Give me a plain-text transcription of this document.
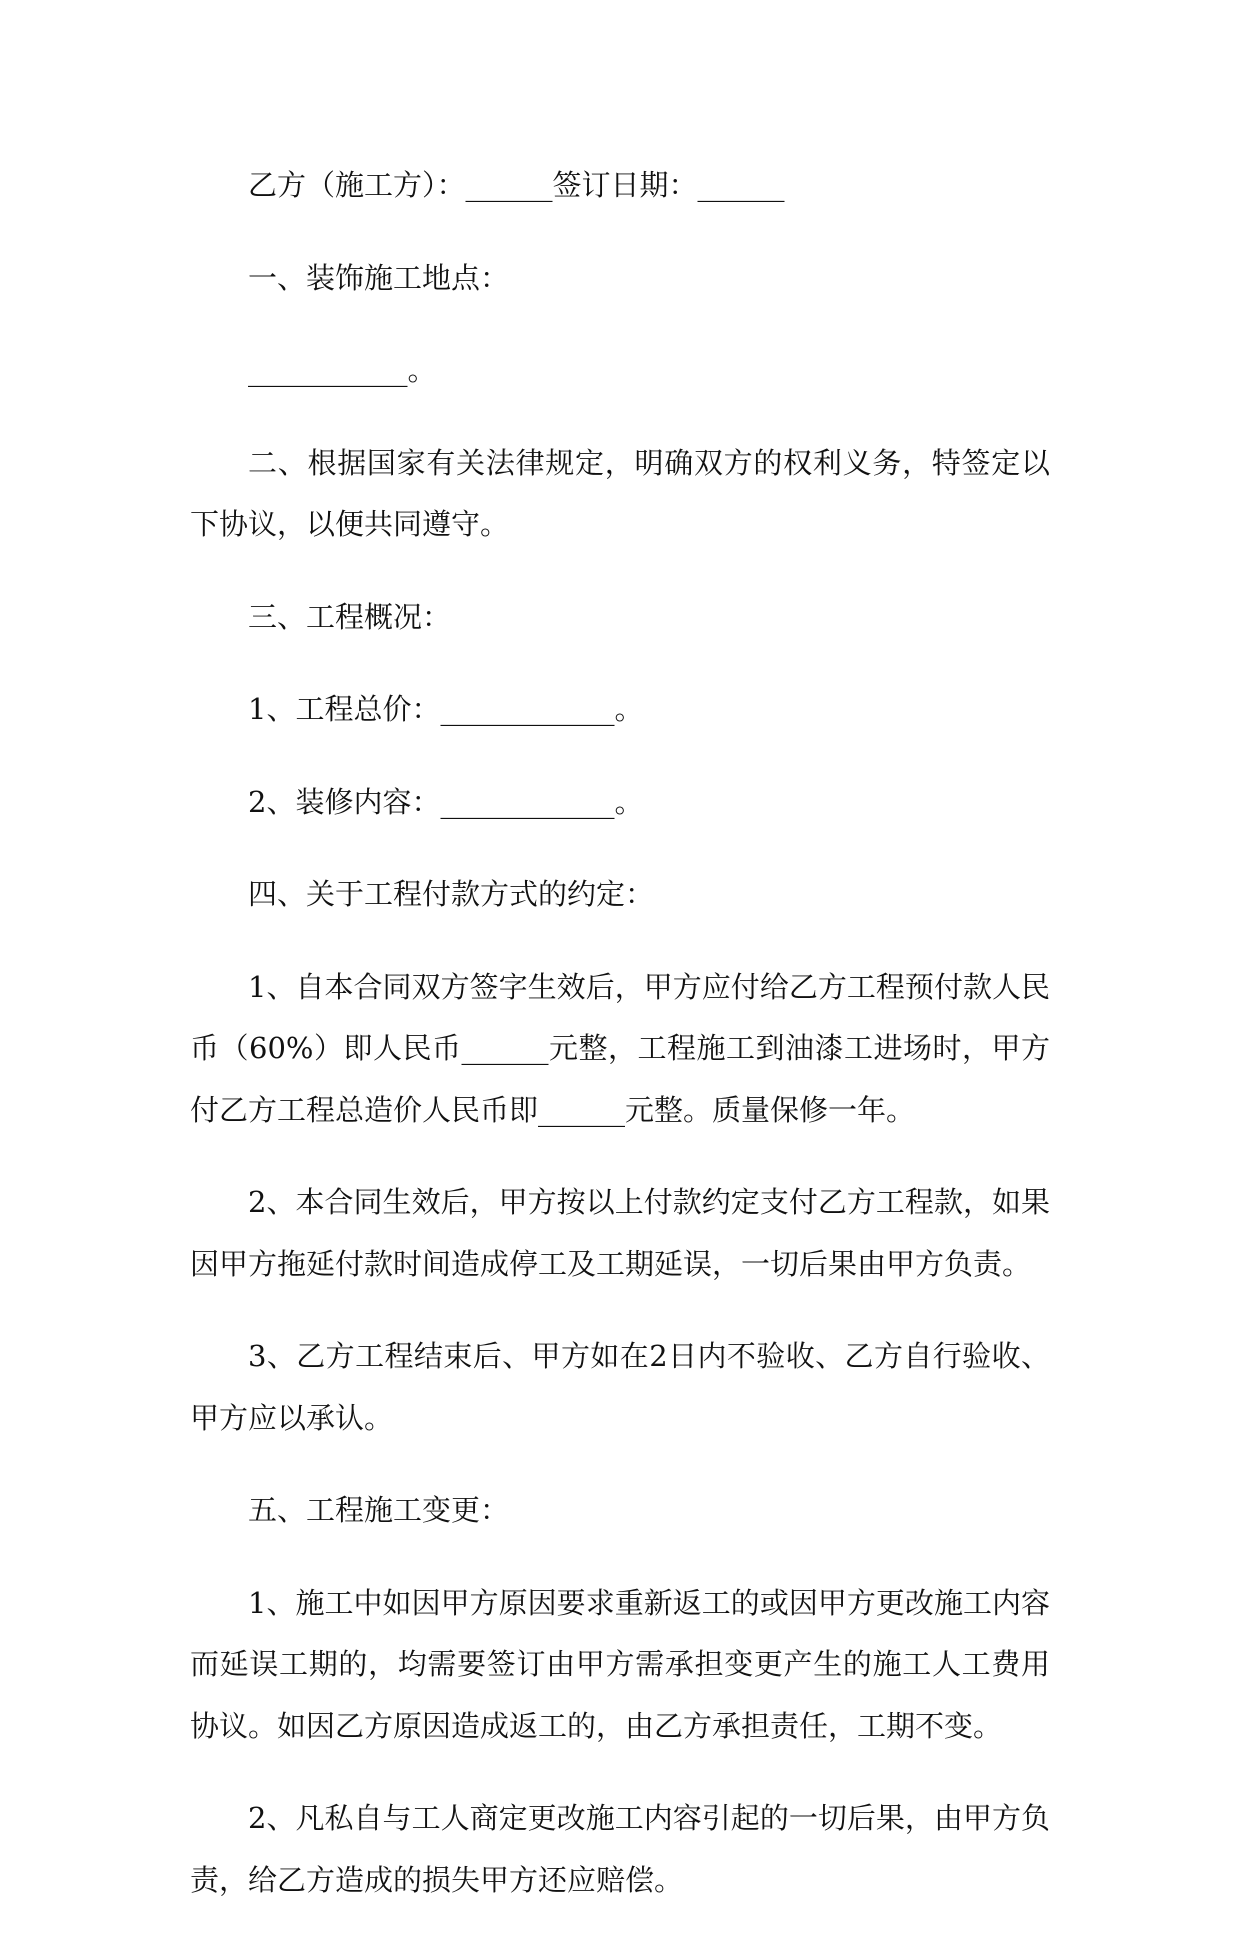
乙方（施工方）：______签订日期：______

一、装饰施工地点：

___________。

二、根据国家有关法律规定，明确双方的权利义务，特签定以下协议，以便共同遵守。

三、工程概况：

1、工程总价：____________。

2、装修内容：____________。

四、关于工程付款方式的约定：

1、自本合同双方签字生效后，甲方应付给乙方工程预付款人民币（60%）即人民币______元整，工程施工到油漆工进场时，甲方付乙方工程总造价人民币即______元整。质量保修一年。

2、本合同生效后，甲方按以上付款约定支付乙方工程款，如果因甲方拖延付款时间造成停工及工期延误，一切后果由甲方负责。

3、乙方工程结束后、甲方如在2日内不验收、乙方自行验收、甲方应以承认。

五、工程施工变更：

1、施工中如因甲方原因要求重新返工的或因甲方更改施工内容而延误工期的，均需要签订由甲方需承担变更产生的施工人工费用协议。如因乙方原因造成返工的，由乙方承担责任，工期不变。

2、凡私自与工人商定更改施工内容引起的一切后果，由甲方负责，给乙方造成的损失甲方还应赔偿。
